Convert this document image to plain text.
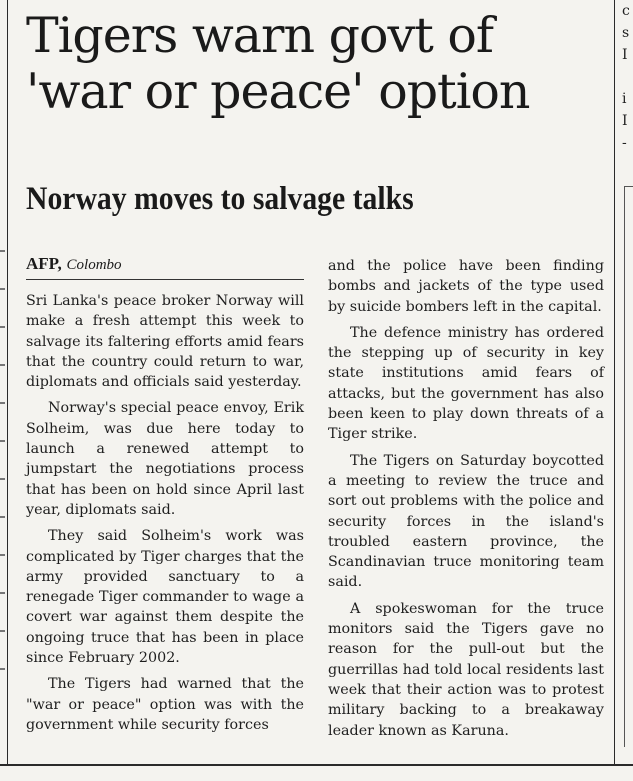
c
s
I
i
I
-
Tigers warn govt of 'war or peace' option
Norway moves to salvage talks
AFP, Colombo

Sri Lanka's peace broker Norway will make a fresh attempt this week to salvage its faltering efforts amid fears that the country could return to war, diplomats and officials said yesterday.

Norway's special peace envoy, Erik Solheim, was due here today to launch a renewed attempt to jumpstart the negotiations process that has been on hold since April last year, diplomats said.

They said Solheim's work was complicated by Tiger charges that the army provided sanctuary to a renegade Tiger commander to wage a covert war against them despite the ongoing truce that has been in place since February 2002.

The Tigers had warned that the "war or peace" option was with the government while security forces

and the police have been finding bombs and jackets of the type used by suicide bombers left in the capital.

The defence ministry has ordered the stepping up of security in key state institutions amid fears of attacks, but the government has also been keen to play down threats of a Tiger strike.

The Tigers on Saturday boycotted a meeting to review the truce and sort out problems with the police and security forces in the island's troubled eastern province, the Scandinavian truce monitoring team said.

A spokeswoman for the truce monitors said the Tigers gave no reason for the pull-out but the guerrillas had told local residents last week that their action was to protest military backing to a breakaway leader known as Karuna.
